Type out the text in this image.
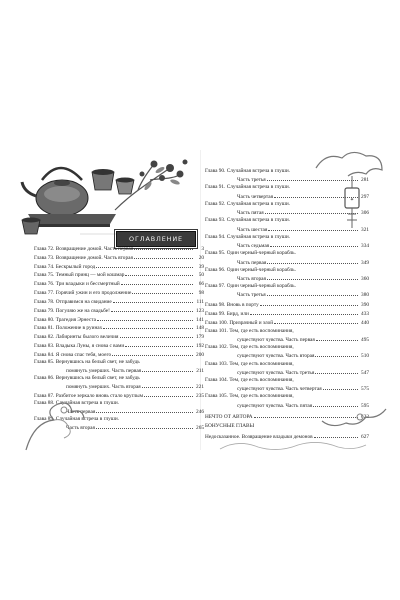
ОГЛАВЛЕНИЕ
Глава 72. Возвращение домой. Часть первая	3
Глава 73. Возвращение домой. Часть вторая	20
Глава 74. Бескрылый город	39
Глава 75. Темный принц — мой кошмар	50
Глава 76. Три владыки и бессмертный	66
Глава 77. Горячий ужин и его продолжение	98
Глава 78. Отправимся на свидание	111
Глава 79. Погуляю же на свадьбе!	123
Глава 80. Трагедия Эрнеста	141
Глава 81. Положение в руинах	148
Глава 82. Лабиринты былого величия	179
Глава 83. Владыка Луны, я снова с вами	192
Глава 84. Я снова спас тебя, моего	200
Глава 85. Вернувшись на белый свет, не забудь
помянуть умерших. Часть первая	211
Глава 86. Вернувшись на белый свет, не забудь
помянуть умерших. Часть вторая	221
Глава 87. Разбитое зеркало вновь стало круглым	235
Глава 88. Случайная встреча в глуши.
Часть первая	246
Глава 89. Случайная встреча в глуши.
Часть вторая	265
Глава 90. Случайная встреча в глуши.
Часть третья	281
Глава 91. Случайная встреча в глуши.
Часть четвертая	297
Глава 92. Случайная встреча в глуши.
Часть пятая	306
Глава 93. Случайная встреча в глуши.
Часть шестая	321
Глава 94. Случайная встреча в глуши.
Часть седьмая	334
Глава 95. Один черный-черный корабль.
Часть первая	349
Глава 96. Один черный-черный корабль.
Часть вторая	360
Глава 97. Один черный-черный корабль.
Часть третья	380
Глава 98. Вновь в порту	390
Глава 99. Бирд, или	433
Глава 100. Призрачный и злой	440
Глава 101. Тем, где есть воспоминания,
существуют чувства. Часть первая	495
Глава 102. Тем, где есть воспоминания,
существуют чувства. Часть вторая	510
Глава 103. Тем, где есть воспоминания,
существуют чувства. Часть третья	547
Глава 104. Тем, где есть воспоминания,
существуют чувства. Часть четвертая	575
Глава 105. Тем, где есть воспоминания,
существуют чувства. Часть пятая	595
НЕЧТО ОТ АВТОРА	622
БОНУСНЫЕ ГЛАВЫ
Недосказанное. Возвращение владыки демонов	627
✦
